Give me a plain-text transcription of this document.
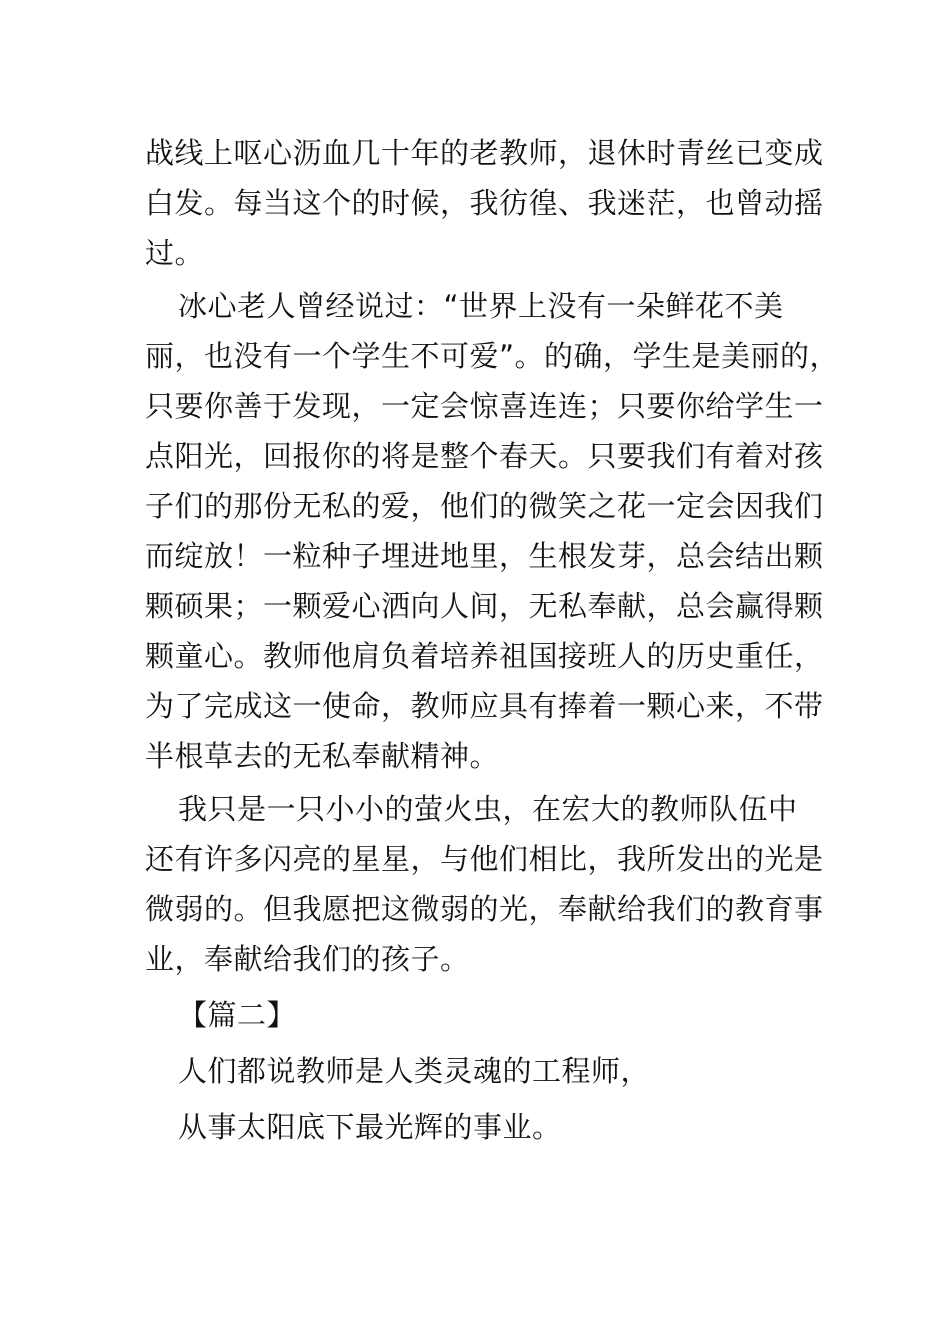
战线上呕心沥血几十年的老教师，退休时青丝已变成
白发。每当这个的时候，我彷徨、我迷茫，也曾动摇
过。
冰心老人曾经说过：“世界上没有一朵鲜花不美
丽，也没有一个学生不可爱”。的确，学生是美丽的，
只要你善于发现，一定会惊喜连连；只要你给学生一
点阳光，回报你的将是整个春天。只要我们有着对孩
子们的那份无私的爱，他们的微笑之花一定会因我们
而绽放！一粒种子埋进地里，生根发芽，总会结出颗
颗硕果；一颗爱心洒向人间，无私奉献，总会赢得颗
颗童心。教师他肩负着培养祖国接班人的历史重任，
为了完成这一使命，教师应具有捧着一颗心来，不带
半根草去的无私奉献精神。
我只是一只小小的萤火虫，在宏大的教师队伍中
还有许多闪亮的星星，与他们相比，我所发出的光是
微弱的。但我愿把这微弱的光，奉献给我们的教育事
业，奉献给我们的孩子。
【篇二】
人们都说教师是人类灵魂的工程师，
从事太阳底下最光辉的事业。
